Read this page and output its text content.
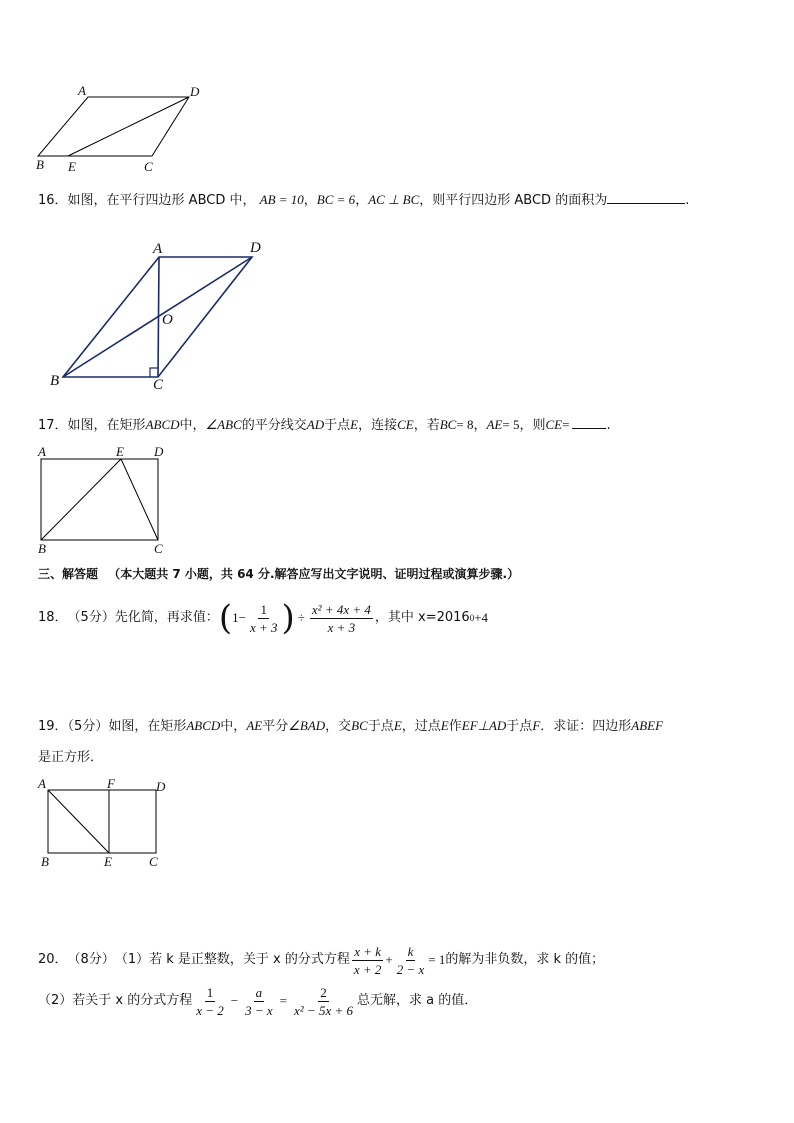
A	D
B E	C
16．如图，在平行四边形 ABCD 中， AB = 10，BC = 6，AC ⊥ BC，则平行四边形 ABCD 的面积为	.
A	D
O
B	C
17．如图，在矩形ABCD中，∠ABC的平分线交AD于点E，连接CE，若BC= 8，AE= 5，则CE=	.
A	E D
B	C
三、解答题 （本大题共 7 小题，共 64 分.解答应写出文字说明、证明过程或演算步骤.）
18． （5分） 先化简，再求值： ( $1- \frac{1}{x + 3}$ ) ÷ $\frac{\text{x² + 4x + 4}}{x + 3}$ ，其中 x=2016 0 +4
19．（5分）如图，在矩形ABCD中，AE平分∠BAD，交BC于点E，过点E作EF⊥AD于点F．求证：四边形ABEF
是正方形．
A	F	D
B	E	C
20． （8分） （1）若 k 是正整数，关于 x 的分式方程 $\frac{x + k}{x + 2} + \frac{k}{2 - x} = 1$ 的解为非负数，求 k 的值；
（2）若关于 x 的分式方程 $\frac{1}{x - 2} - \frac{a}{3 - x} = \frac{2}{\text{x² − 5x + 6}}$ 总无解，求 a 的值．
